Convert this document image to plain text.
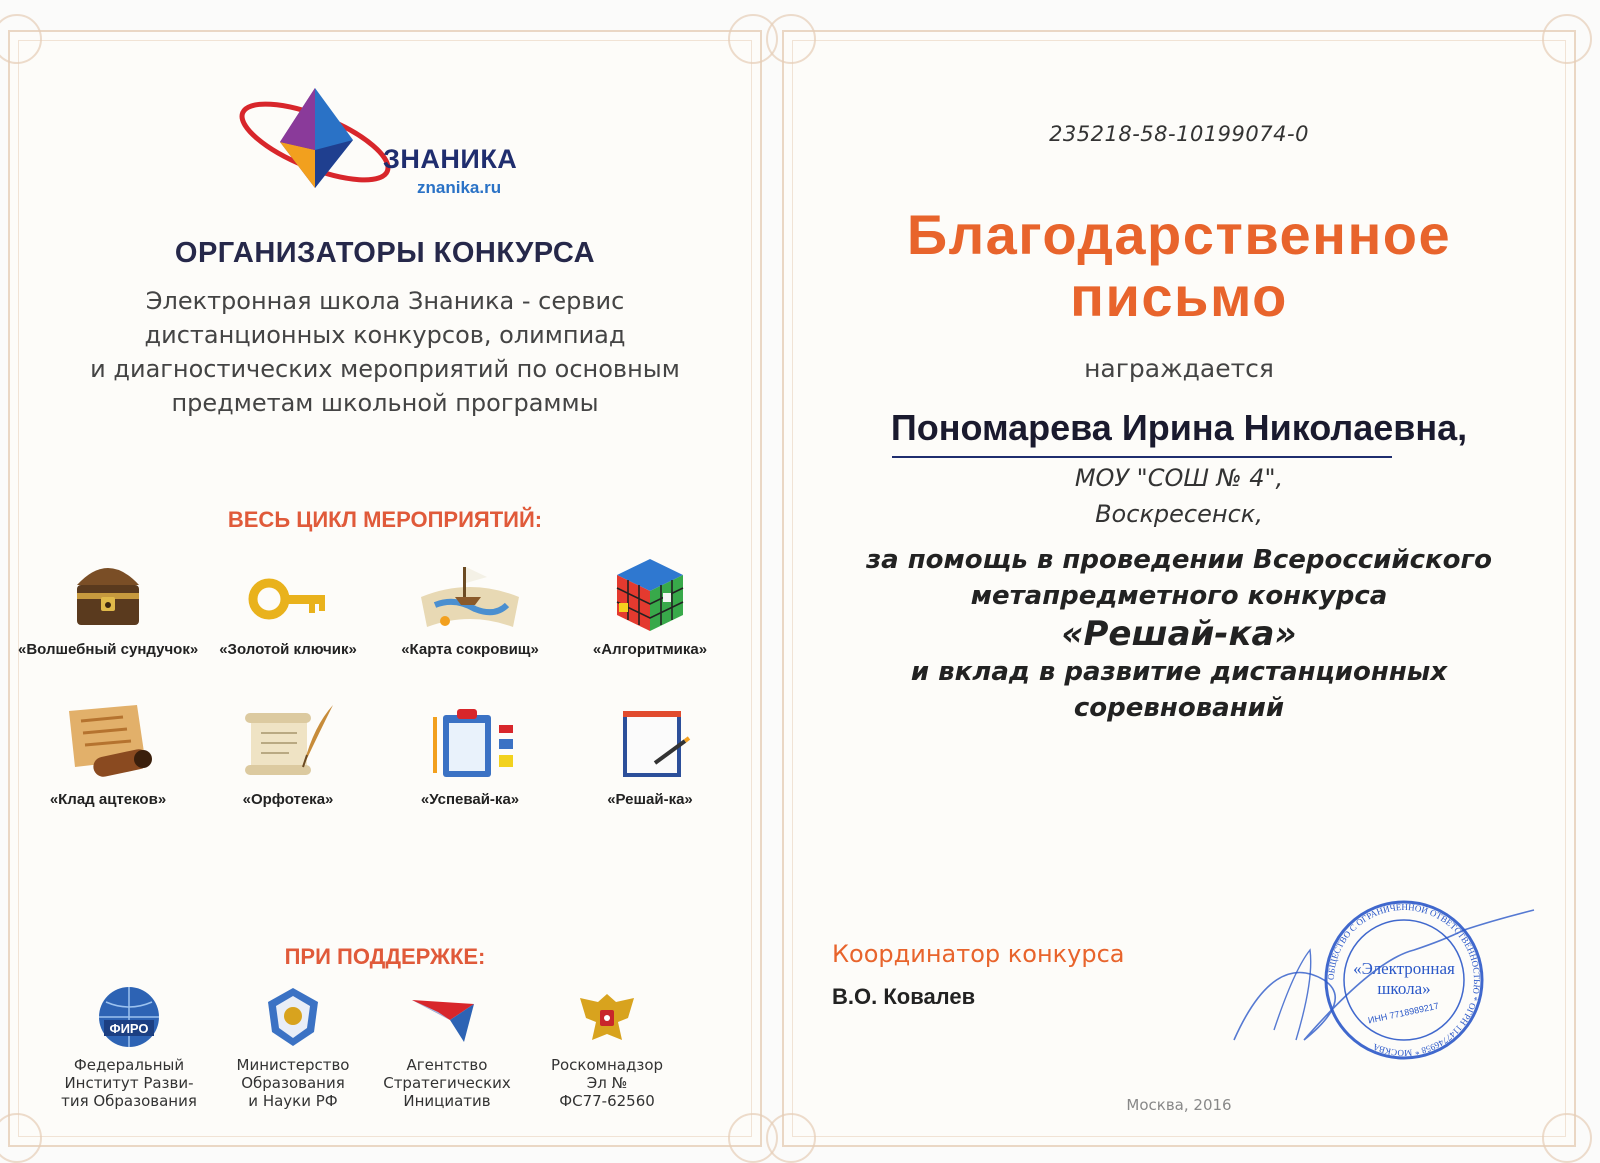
ЗНАНИКА
znanika.ru
ОРГАНИЗАТОРЫ КОНКУРСА
Электронная школа Знаника - сервис
дистанционных конкурсов, олимпиад
и диагностических мероприятий по основным
предметам школьной программы
ВЕСЬ ЦИКЛ МЕРОПРИЯТИЙ:
«Волшебный сундучок»	«Золотой ключик»	«Карта сокровищ»	«Алгоритмика»
«Клад ацтеков»	«Орфотека»	«Успевай-ка»	«Решай-ка»
ПРИ ПОДДЕРЖКЕ:
ФИРО
Федеральный
Институт Разви-
тия Образования
Министерство
Образования
и Науки РФ
Агентство
Стратегических
Инициатив
Роскомнадзор
Эл №
ФС77-62560
235218-58-10199074-0
Благодарственное
письмо
награждается
Пономарева Ирина Николаевна,
МОУ "СОШ № 4",
Воскресенск,
за помощь в проведении Всероссийского
метапредметного конкурса
«Решай-ка»
и вклад в развитие дистанционных
соревнований
Координатор конкурса
В.О. Ковалев
ОБЩЕСТВО С ОГРАНИЧЕННОЙ ОТВЕТСТВЕННОСТЬЮ * ОГРН 1147746958 * МОСКВА
«Электронная
школа»
ИНН 7718989217
Москва, 2016
